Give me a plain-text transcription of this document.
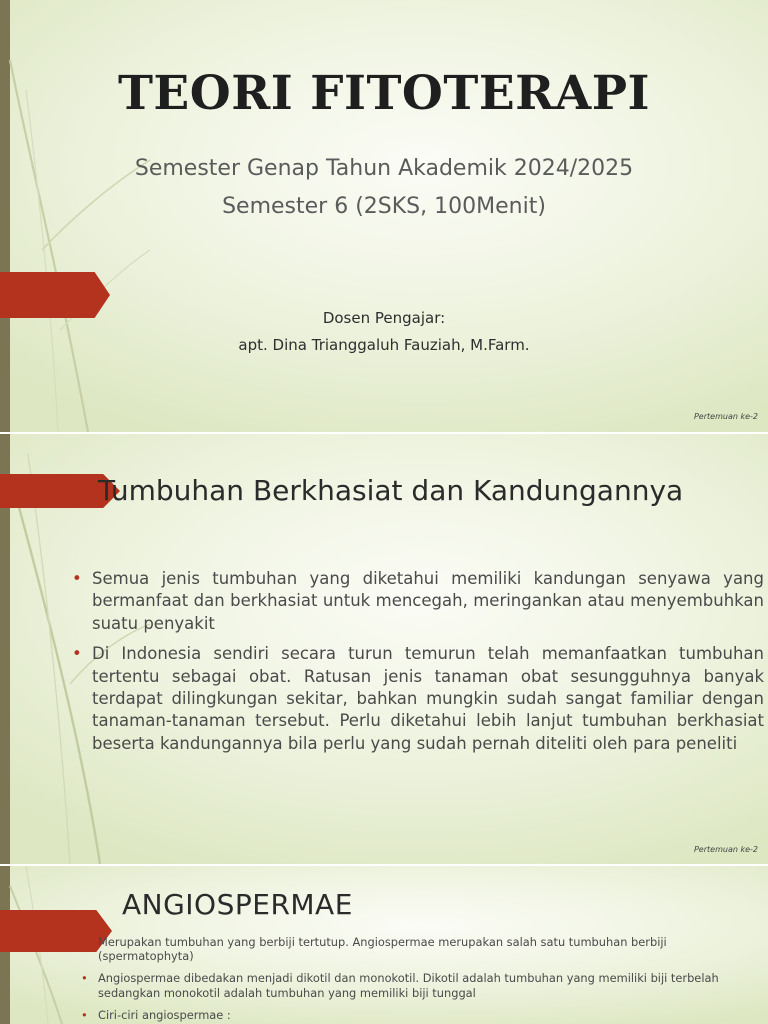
TEORI FITOTERAPI

Semester Genap Tahun Akademik 2024/2025

Semester 6 (2SKS, 100Menit)

Dosen Pengajar:

apt. Dina Trianggaluh Fauziah, M.Farm.

Pertemuan ke-2
Tumbuhan Berkhasiat dan Kandungannya
• Semua jenis tumbuhan yang diketahui memiliki kandungan senyawa yang bermanfaat dan berkhasiat untuk mencegah, meringankan atau menyembuhkan suatu penyakit
• Di Indonesia sendiri secara turun temurun telah memanfaatkan tumbuhan tertentu sebagai obat. Ratusan jenis tanaman obat sesungguhnya banyak terdapat dilingkungan sekitar, bahkan mungkin sudah sangat familiar dengan tanaman-tanaman tersebut. Perlu diketahui lebih lanjut tumbuhan berkhasiat beserta kandungannya bila perlu yang sudah pernah diteliti oleh para peneliti
Pertemuan ke-2
ANGIOSPERMAE
• Merupakan tumbuhan yang berbiji tertutup. Angiospermae merupakan salah satu tumbuhan berbiji (spermatophyta)
• Angiospermae dibedakan menjadi dikotil dan monokotil. Dikotil adalah tumbuhan yang memiliki biji terbelah sedangkan monokotil adalah tumbuhan yang memiliki biji tunggal
• Ciri-ciri angiospermae :
